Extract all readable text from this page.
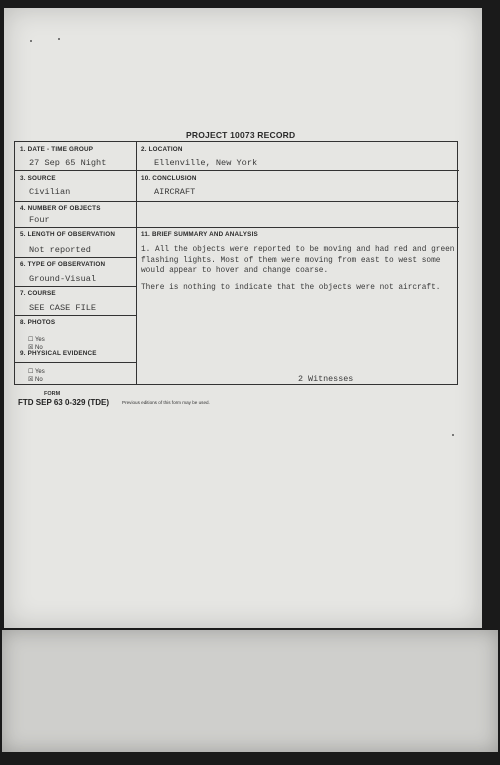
PROJECT 10073 RECORD
1. DATE - TIME GROUP
27 Sep 65 Night
2. LOCATION
Ellenville, New York
3. SOURCE
Civilian
10. CONCLUSION
AIRCRAFT
4. NUMBER OF OBJECTS
Four
5. LENGTH OF OBSERVATION
Not reported
11. BRIEF SUMMARY AND ANALYSIS
6. TYPE OF OBSERVATION
Ground-Visual
7. COURSE
SEE CASE FILE
8. PHOTOS
☐ Yes
☒ No
9. PHYSICAL EVIDENCE
☐ Yes
☒ No

1. All the objects were reported to be moving and had red and green flashing lights. Most of them were moving from east to west some would appear to hover and change coarse.

There is nothing to indicate that the objects were not aircraft.

2 Witnesses
FORM
FTD SEP 63 0-329 (TDE)	Previous editions of this form may be used.
